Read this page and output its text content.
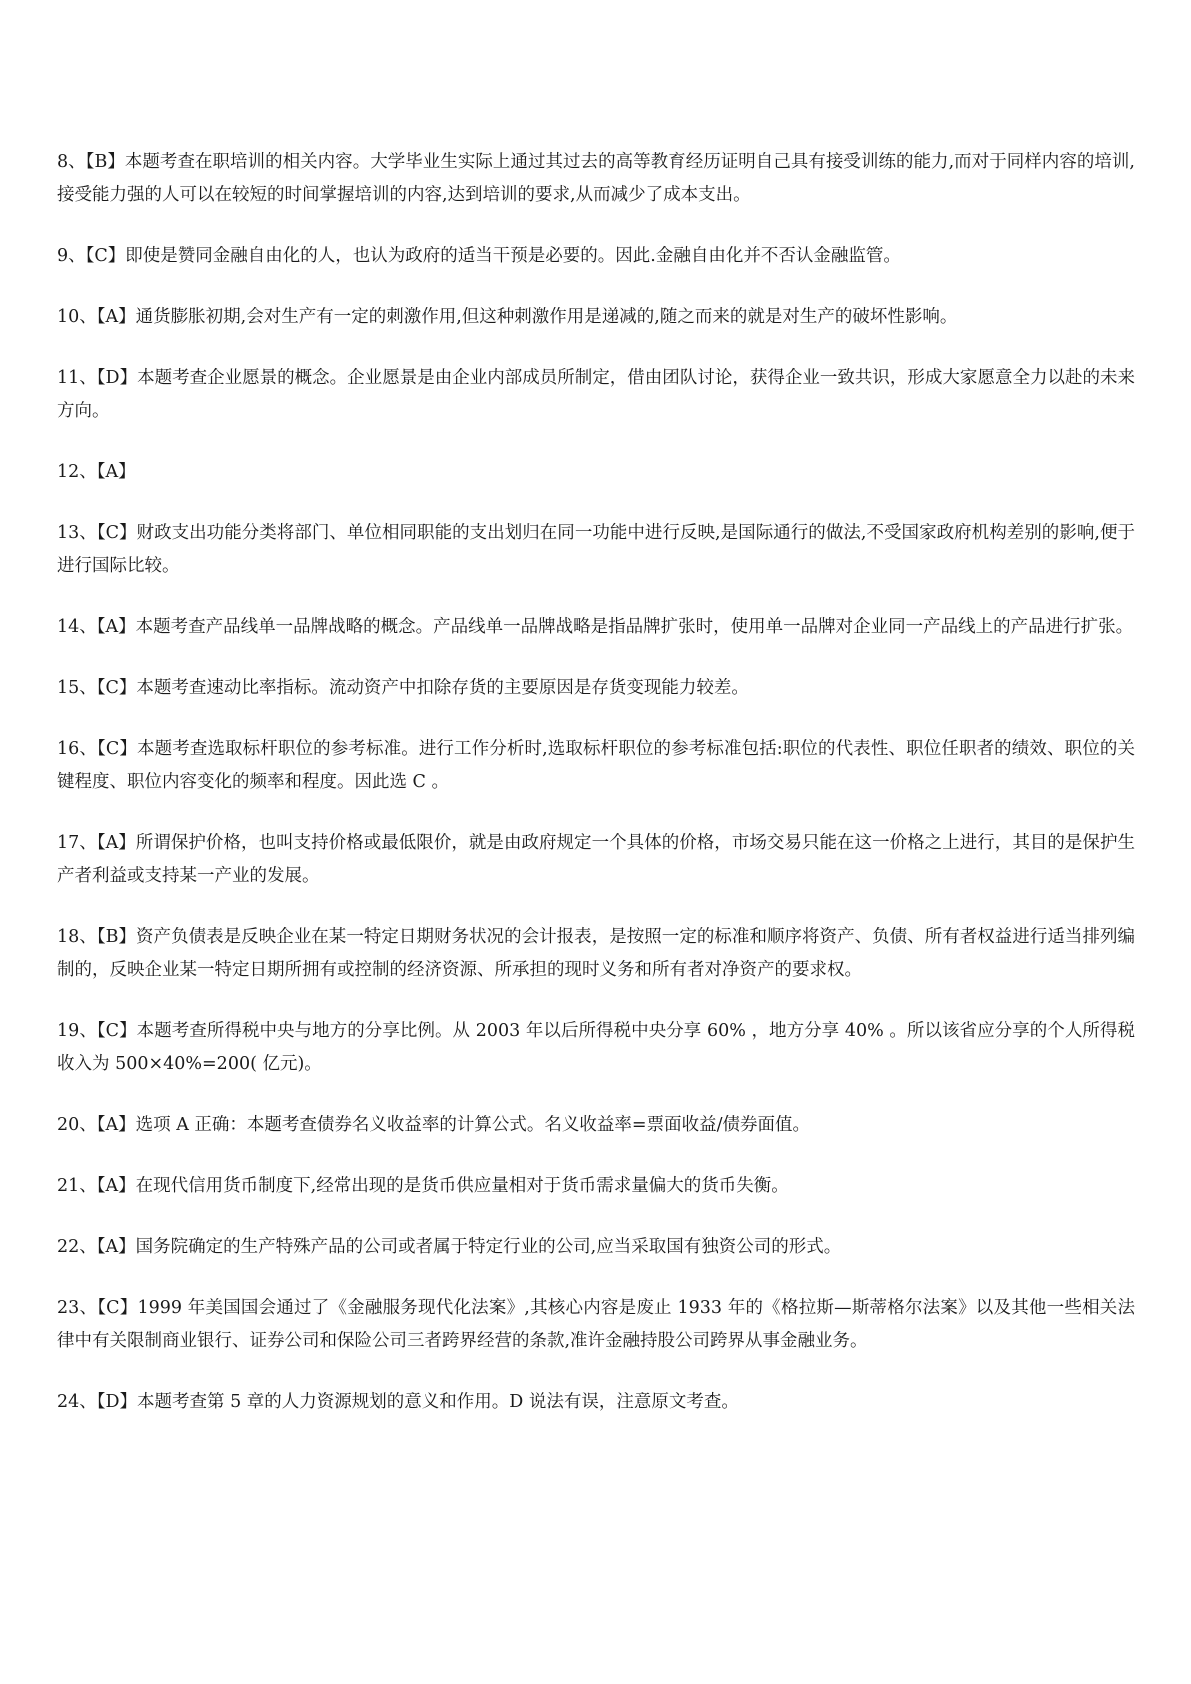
8、【B】本题考查在职培训的相关内容。大学毕业生实际上通过其过去的高等教育经历证明自己具有接受训练的能力,而对于同样内容的培训,接受能力强的人可以在较短的时间掌握培训的内容,达到培训的要求,从而减少了成本支出。

9、【C】即使是赞同金融自由化的人，也认为政府的适当干预是必要的。因此.金融自由化并不否认金融监管。

10、【A】通货膨胀初期,会对生产有一定的刺激作用,但这种刺激作用是递减的,随之而来的就是对生产的破坏性影响。

11、【D】本题考查企业愿景的概念。企业愿景是由企业内部成员所制定，借由团队讨论，获得企业一致共识，形成大家愿意全力以赴的未来方向。

12、【A】

13、【C】财政支出功能分类将部门、单位相同职能的支出划归在同一功能中进行反映,是国际通行的做法,不受国家政府机构差别的影响,便于进行国际比较。

14、【A】本题考查产品线单一品牌战略的概念。产品线单一品牌战略是指品牌扩张时，使用单一品牌对企业同一产品线上的产品进行扩张。

15、【C】本题考查速动比率指标。流动资产中扣除存货的主要原因是存货变现能力较差。

16、【C】本题考查选取标杆职位的参考标准。进行工作分析时,选取标杆职位的参考标准包括:职位的代表性、职位任职者的绩效、职位的关键程度、职位内容变化的频率和程度。因此选 C 。

17、【A】所谓保护价格，也叫支持价格或最低限价，就是由政府规定一个具体的价格，市场交易只能在这一价格之上进行，其目的是保护生产者利益或支持某一产业的发展。

18、【B】资产负债表是反映企业在某一特定日期财务状况的会计报表，是按照一定的标准和顺序将资产、负债、所有者权益进行适当排列编制的，反映企业某一特定日期所拥有或控制的经济资源、所承担的现时义务和所有者对净资产的要求权。

19、【C】本题考查所得税中央与地方的分享比例。从 2003 年以后所得税中央分享 60% ，地方分享 40% 。所以该省应分享的个人所得税收入为 500×40%=200( 亿元)。

20、【A】选项 A 正确：本题考查债券名义收益率的计算公式。名义收益率=票面收益/债券面值。

21、【A】在现代信用货币制度下,经常出现的是货币供应量相对于货币需求量偏大的货币失衡。

22、【A】国务院确定的生产特殊产品的公司或者属于特定行业的公司,应当采取国有独资公司的形式。

23、【C】1999 年美国国会通过了《金融服务现代化法案》,其核心内容是废止 1933 年的《格拉斯—斯蒂格尔法案》以及其他一些相关法律中有关限制商业银行、证券公司和保险公司三者跨界经营的条款,准许金融持股公司跨界从事金融业务。

24、【D】本题考查第 5 章的人力资源规划的意义和作用。D 说法有误，注意原文考查。
